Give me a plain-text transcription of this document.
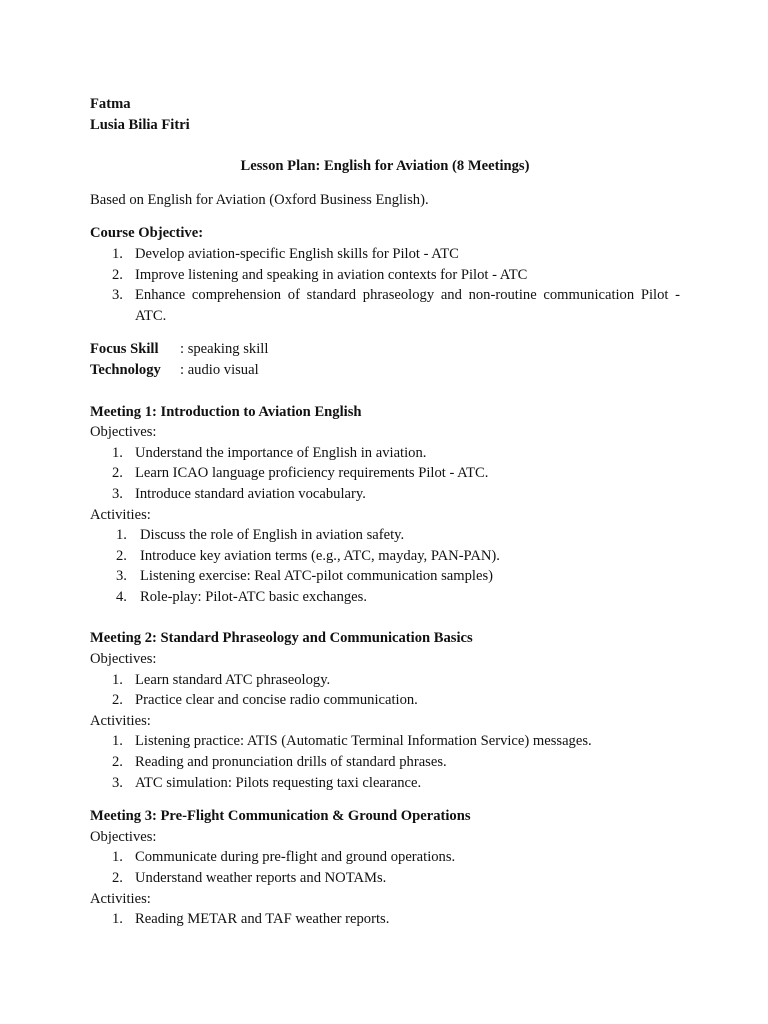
Fatma
Lusia Bilia Fitri
Lesson Plan: English for Aviation (8 Meetings)
Based on English for Aviation (Oxford Business English).
Course Objective:
1. Develop aviation-specific English skills for Pilot - ATC
2. Improve listening and speaking in aviation contexts for Pilot - ATC
3. Enhance comprehension of standard phraseology and non-routine communication Pilot - ATC.
Focus Skill	: speaking skill
Technology	: audio visual
Meeting 1: Introduction to Aviation English
Objectives:
1. Understand the importance of English in aviation.
2. Learn ICAO language proficiency requirements Pilot - ATC.
3. Introduce standard aviation vocabulary.
Activities:
1. Discuss the role of English in aviation safety.
2. Introduce key aviation terms (e.g., ATC, mayday, PAN-PAN).
3. Listening exercise: Real ATC-pilot communication samples)
4. Role-play: Pilot-ATC basic exchanges.
Meeting 2: Standard Phraseology and Communication Basics
Objectives:
1. Learn standard ATC phraseology.
2. Practice clear and concise radio communication.
Activities:
1. Listening practice: ATIS (Automatic Terminal Information Service) messages.
2. Reading and pronunciation drills of standard phrases.
3. ATC simulation: Pilots requesting taxi clearance.
Meeting 3: Pre-Flight Communication & Ground Operations
Objectives:
1. Communicate during pre-flight and ground operations.
2. Understand weather reports and NOTAMs.
Activities:
1. Reading METAR and TAF weather reports.
